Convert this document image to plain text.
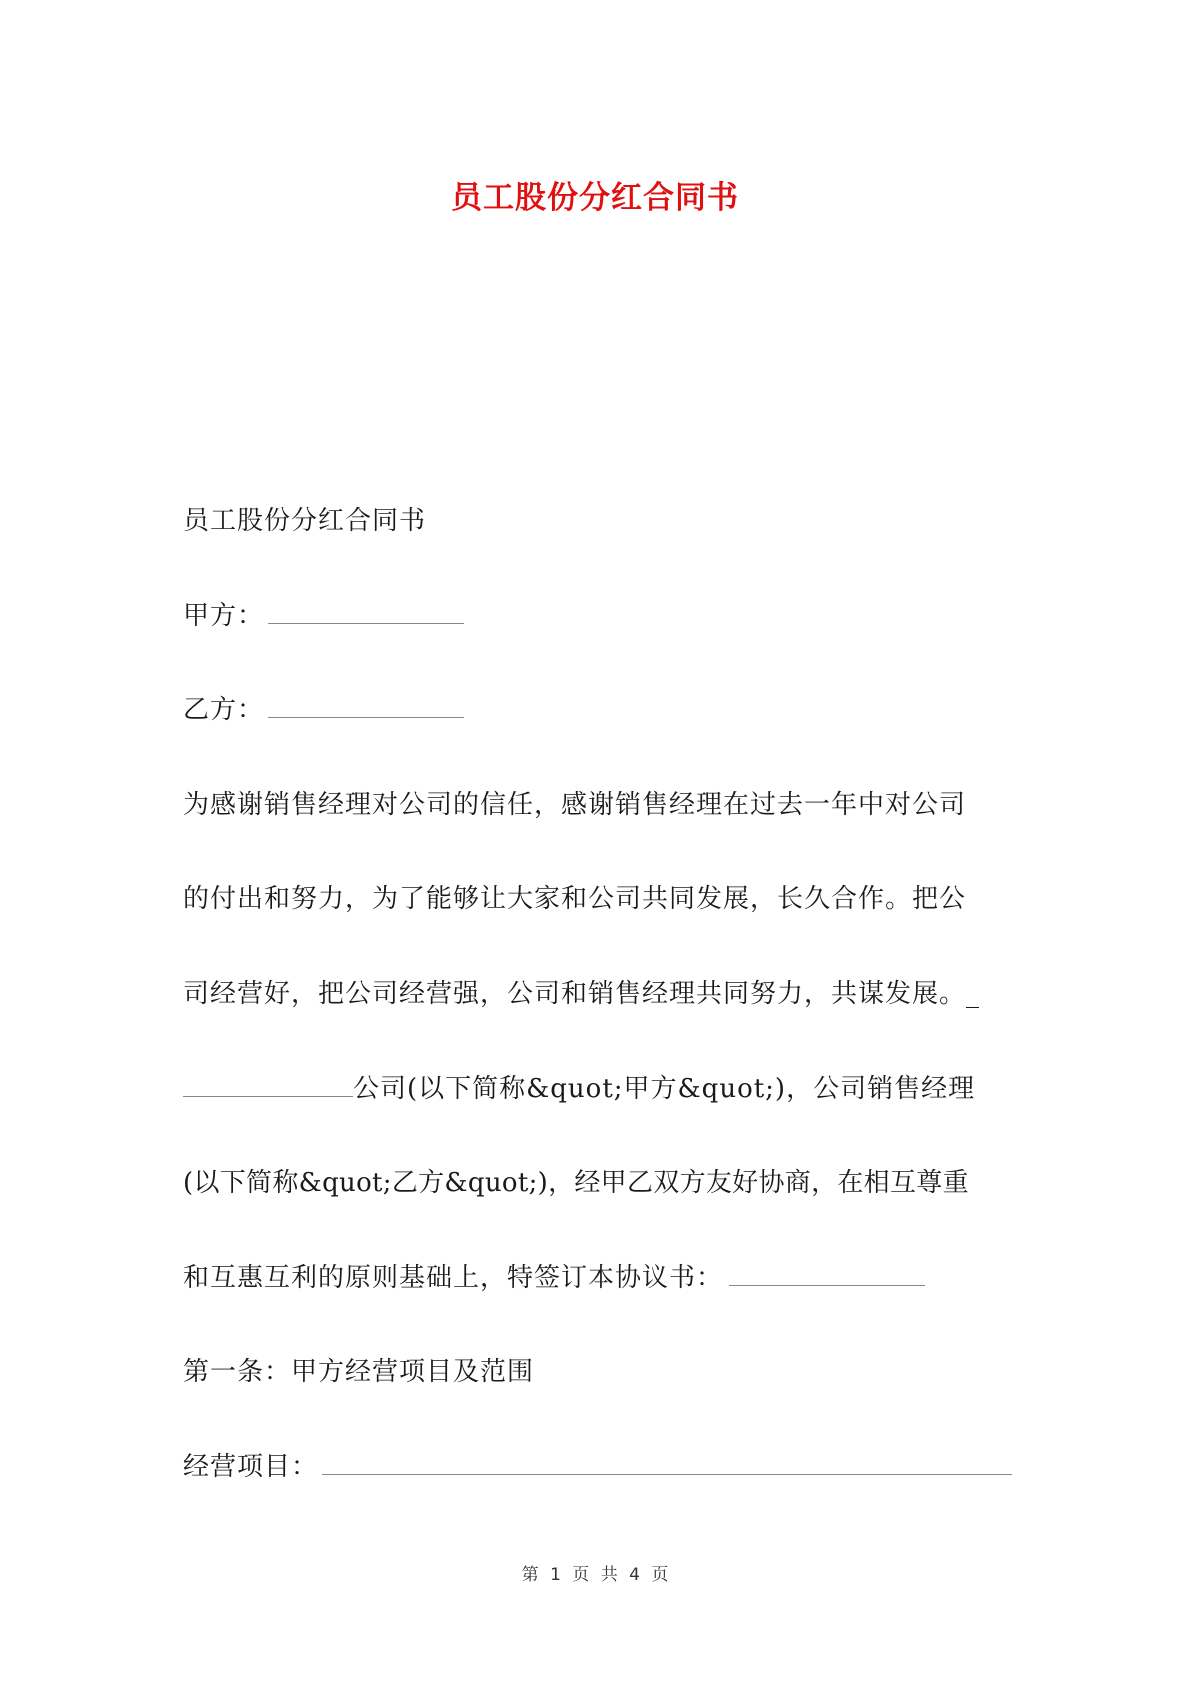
员工股份分红合同书
员工股份分红合同书
甲方：
乙方：
为感谢销售经理对公司的信任，感谢销售经理在过去一年中对公司
的付出和努力，为了能够让大家和公司共同发展，长久合作。把公
司经营好，把公司经营强，公司和销售经理共同努力，共谋发展。_
公司(以下简称&quot;甲方&quot;)，公司销售经理
(以下简称&quot;乙方&quot;)，经甲乙双方友好协商，在相互尊重
和互惠互利的原则基础上，特签订本协议书：
第一条：甲方经营项目及范围
经营项目：
第 1 页 共 4 页
